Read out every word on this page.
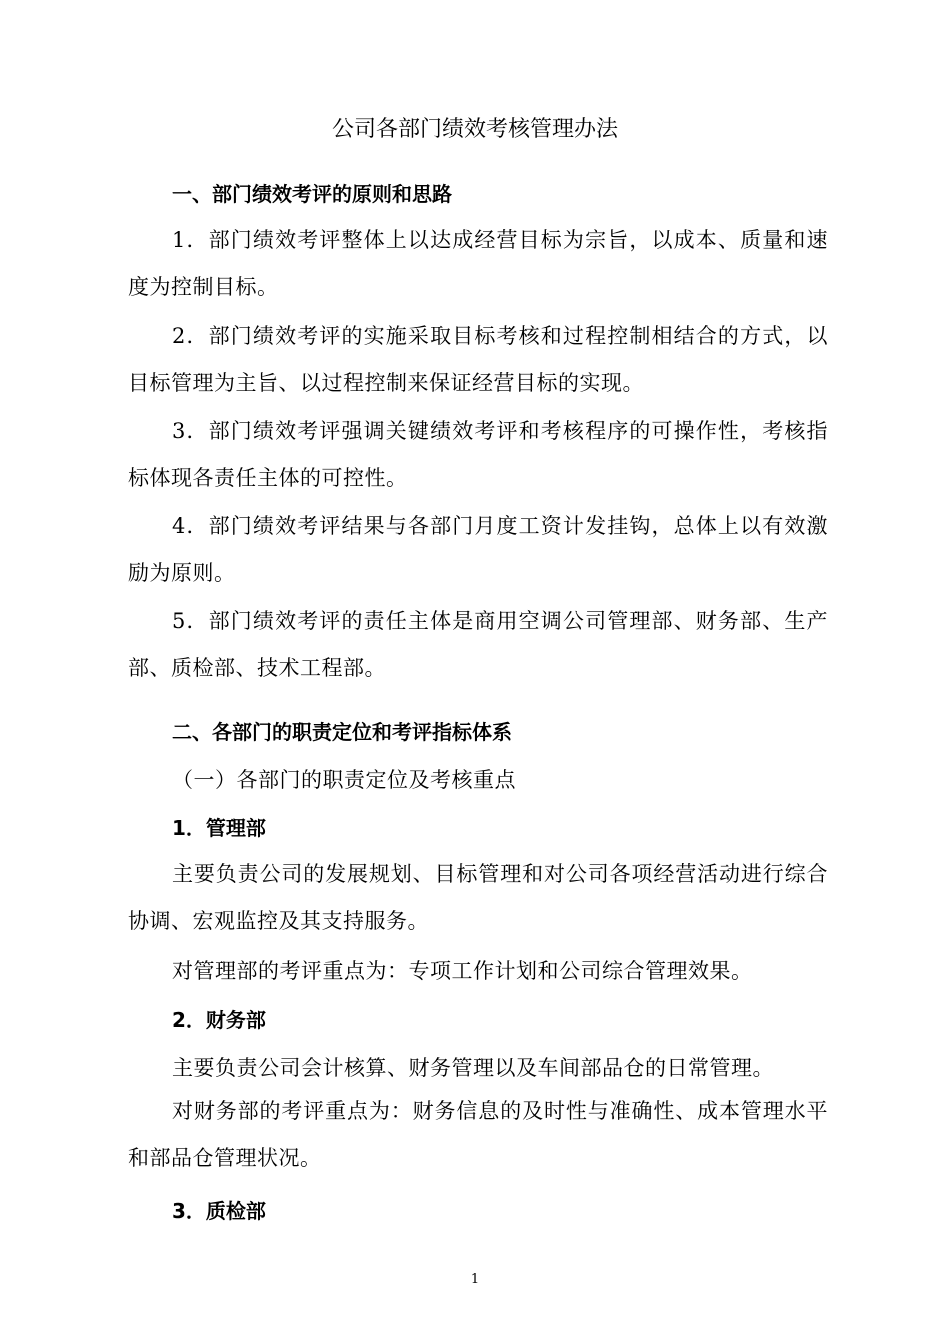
公司各部门绩效考核管理办法
一、部门绩效考评的原则和思路
1．部门绩效考评整体上以达成经营目标为宗旨，以成本、质量和速度为控制目标。
2．部门绩效考评的实施采取目标考核和过程控制相结合的方式，以目标管理为主旨、以过程控制来保证经营目标的实现。
3．部门绩效考评强调关键绩效考评和考核程序的可操作性，考核指标体现各责任主体的可控性。
4．部门绩效考评结果与各部门月度工资计发挂钩，总体上以有效激励为原则。
5．部门绩效考评的责任主体是商用空调公司管理部、财务部、生产部、质检部、技术工程部。
二、各部门的职责定位和考评指标体系
（一）各部门的职责定位及考核重点
1．管理部
主要负责公司的发展规划、目标管理和对公司各项经营活动进行综合协调、宏观监控及其支持服务。
对管理部的考评重点为：专项工作计划和公司综合管理效果。
2．财务部
主要负责公司会计核算、财务管理以及车间部品仓的日常管理。
对财务部的考评重点为：财务信息的及时性与准确性、成本管理水平和部品仓管理状况。
3．质检部
1
